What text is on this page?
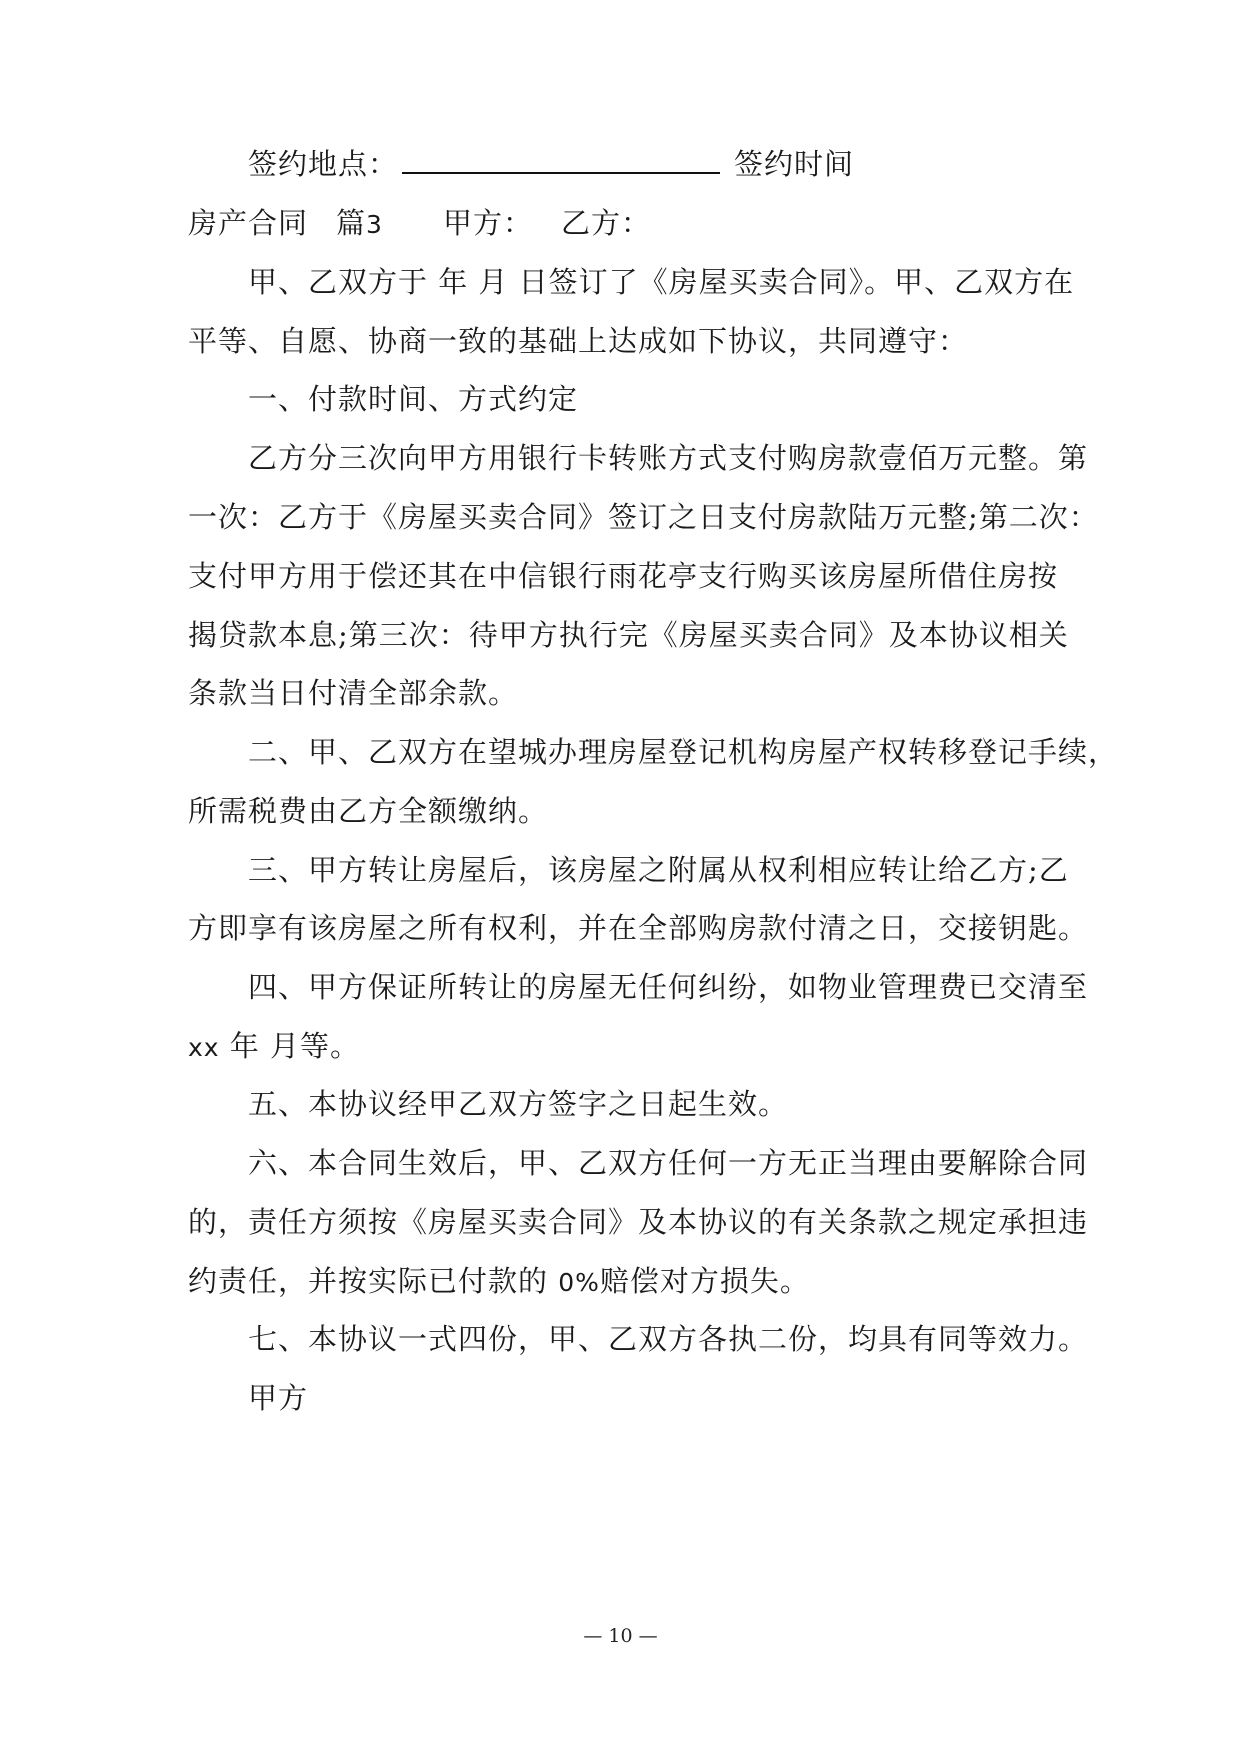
签约地点：	签约时间
房产合同 篇3 甲方： 乙方：
甲、乙双方于 年 月 日签订了《房屋买卖合同》。甲、乙双方在
平等、自愿、协商一致的基础上达成如下协议，共同遵守：
一、付款时间、方式约定
乙方分三次向甲方用银行卡转账方式支付购房款壹佰万元整。第
一次：乙方于《房屋买卖合同》签订之日支付房款陆万元整;第二次：
支付甲方用于偿还其在中信银行雨花亭支行购买该房屋所借住房按
揭贷款本息;第三次：待甲方执行完《房屋买卖合同》及本协议相关
条款当日付清全部余款。
二、甲、乙双方在望城办理房屋登记机构房屋产权转移登记手续，
所需税费由乙方全额缴纳。
三、甲方转让房屋后，该房屋之附属从权利相应转让给乙方;乙
方即享有该房屋之所有权利，并在全部购房款付清之日，交接钥匙。
四、甲方保证所转让的房屋无任何纠纷，如物业管理费已交清至
xx 年 月等。
五、本协议经甲乙双方签字之日起生效。
六、本合同生效后，甲、乙双方任何一方无正当理由要解除合同
的，责任方须按《房屋买卖合同》及本协议的有关条款之规定承担违
约责任，并按实际已付款的 0%赔偿对方损失。
七、本协议一式四份，甲、乙双方各执二份，均具有同等效力。
甲方
— 10 —
